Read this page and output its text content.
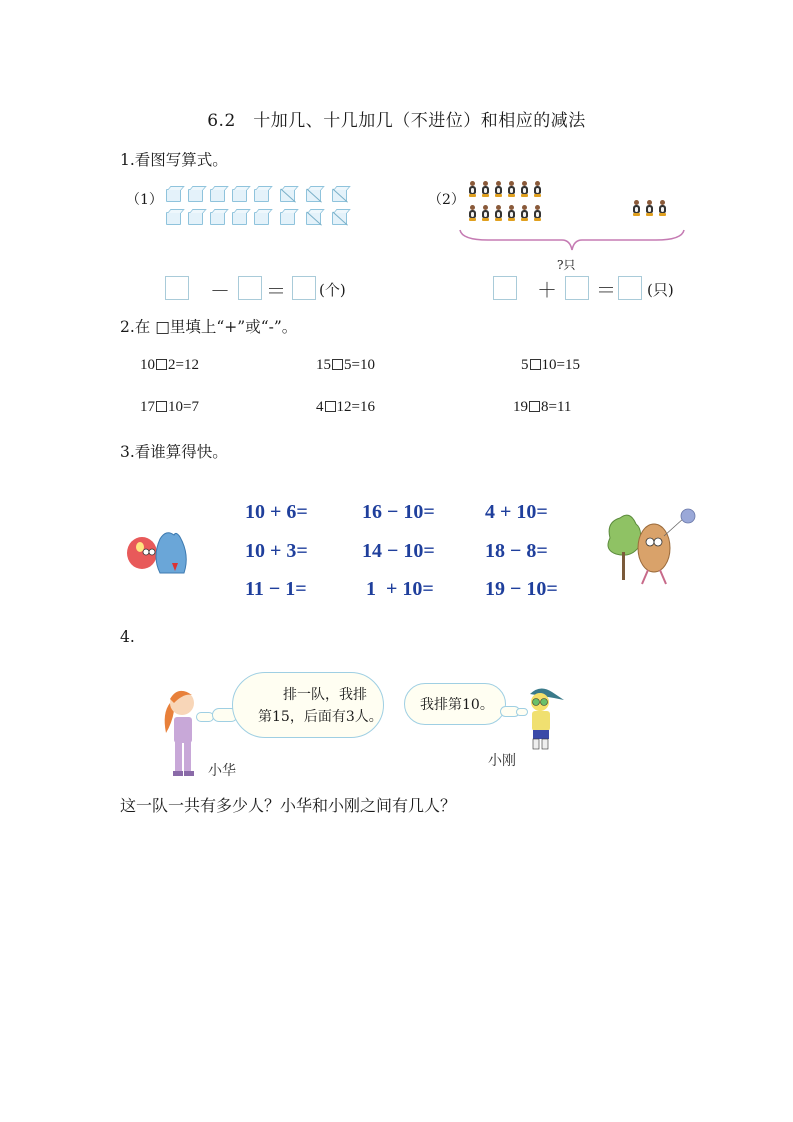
6.2　十加几、十几加几（不进位）和相应的减法
1.看图写算式。
（1）
－ ＝ (个)
（2）
?只
＋ ＝ (只)
2.在 □里填上“+”或“-”。
10 2=12	15 5=10	5 10=15
17 10=7	4 12=16	19 8=11
3.看谁算得快。
10 + 6=	16 − 10=	4 + 10=
10 + 3=	14 − 10=	18 − 8=
11 − 1=	1  + 10=	19 − 10=
4.
小华
排一队，我排
第15，后面有3人。
我排第10。
小刚
这一队一共有多少人？小华和小刚之间有几人？
